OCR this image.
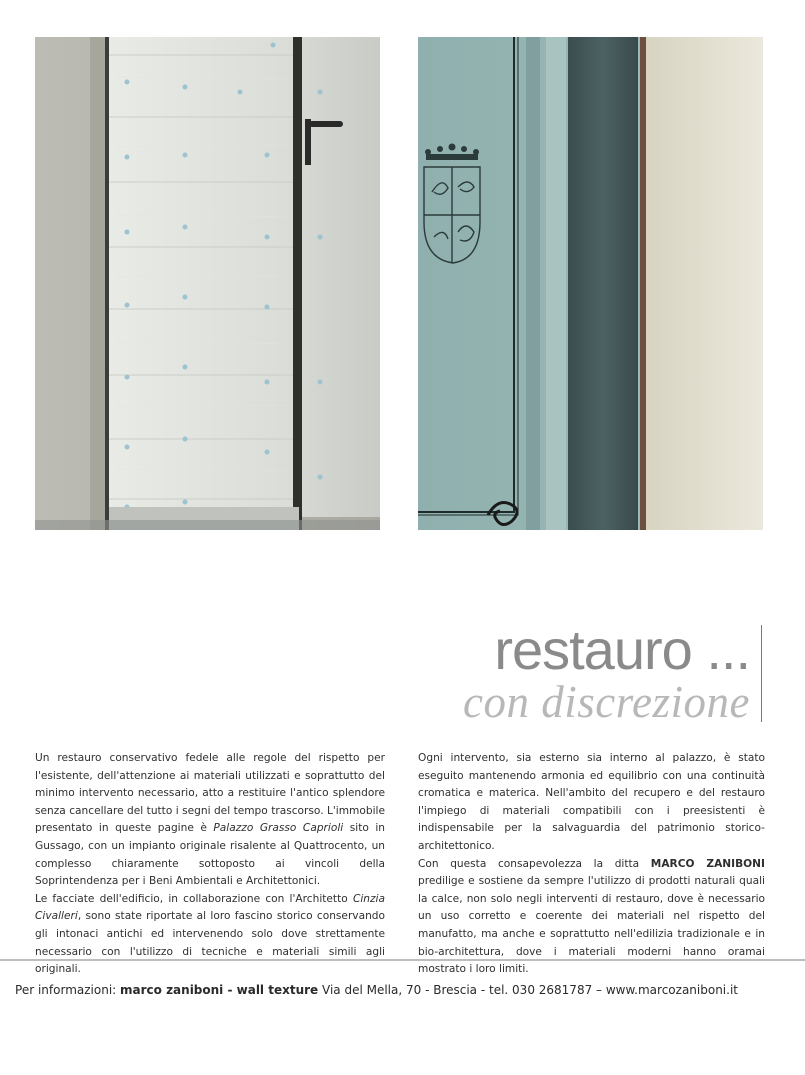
restauro ...
con discrezione

Un restauro conservativo fedele alle regole del rispetto per l'esistente, dell'attenzione ai materiali utilizzati e soprattutto del minimo intervento necessario, atto a restituire l'antico splendore senza cancellare del tutto i segni del tempo trascorso. L'immobile presentato in queste pagine è Palazzo Grasso Caprioli sito in Gussago, con un impianto originale risalente al Quattrocento, un complesso chiaramente sottoposto ai vincoli della Soprintendenza per i Beni Ambientali e Architettonici.

Le facciate dell'edificio, in collaborazione con l'Architetto Cinzia Civalleri, sono state riportate al loro fascino storico conservando gli intonaci antichi ed intervenendo solo dove strettamente necessario con l'utilizzo di tecniche e materiali simili agli originali.

Ogni intervento, sia esterno sia interno al palazzo, è stato eseguito mantenendo armonia ed equilibrio con una continuità cromatica e materica. Nell'ambito del recupero e del restauro l'impiego di materiali compatibili con i preesistenti è indispensabile per la salvaguardia del patrimonio storico-architettonico.

Con questa consapevolezza la ditta MARCO ZANIBONI predilige e sostiene da sempre l'utilizzo di prodotti naturali quali la calce, non solo negli interventi di restauro, dove è necessario un uso corretto e coerente dei materiali nel rispetto del manufatto, ma anche e soprattutto nell'edilizia tradizionale e in bio-architettura, dove i materiali moderni hanno oramai mostrato i loro limiti.

Per informazioni: marco zaniboni - wall texture Via del Mella, 70 - Brescia - tel. 030 2681787 – www.marcozaniboni.it
